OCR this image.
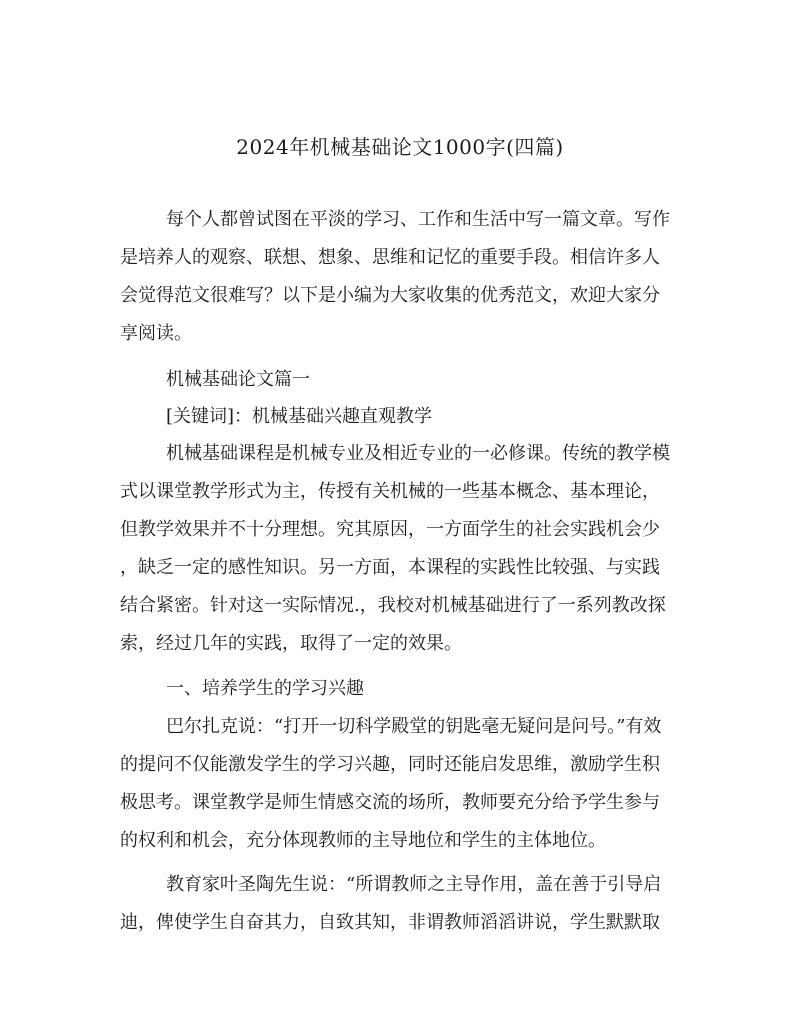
2024年机械基础论文1000字(四篇)
每个人都曾试图在平淡的学习、工作和生活中写一篇文章。写作
是培养人的观察、联想、想象、思维和记忆的重要手段。相信许多人
会觉得范文很难写？以下是小编为大家收集的优秀范文，欢迎大家分
享阅读。
机械基础论文篇一
[关键词]：机械基础兴趣直观教学
机械基础课程是机械专业及相近专业的一必修课。传统的教学模
式以课堂教学形式为主，传授有关机械的一些基本概念、基本理论，
但教学效果并不十分理想。究其原因，一方面学生的社会实践机会少
，缺乏一定的感性知识。另一方面，本课程的实践性比较强、与实践
结合紧密。针对这一实际情况.，我校对机械基础进行了一系列教改探
索，经过几年的实践，取得了一定的效果。
一、培养学生的学习兴趣
巴尔扎克说：“打开一切科学殿堂的钥匙毫无疑问是问号。”有效
的提问不仅能激发学生的学习兴趣，同时还能启发思维，激励学生积
极思考。课堂教学是师生情感交流的场所，教师要充分给予学生参与
的权利和机会，充分体现教师的主导地位和学生的主体地位。
教育家叶圣陶先生说：“所谓教师之主导作用，盖在善于引导启
迪，俾使学生自奋其力，自致其知，非谓教师滔滔讲说，学生默默取
